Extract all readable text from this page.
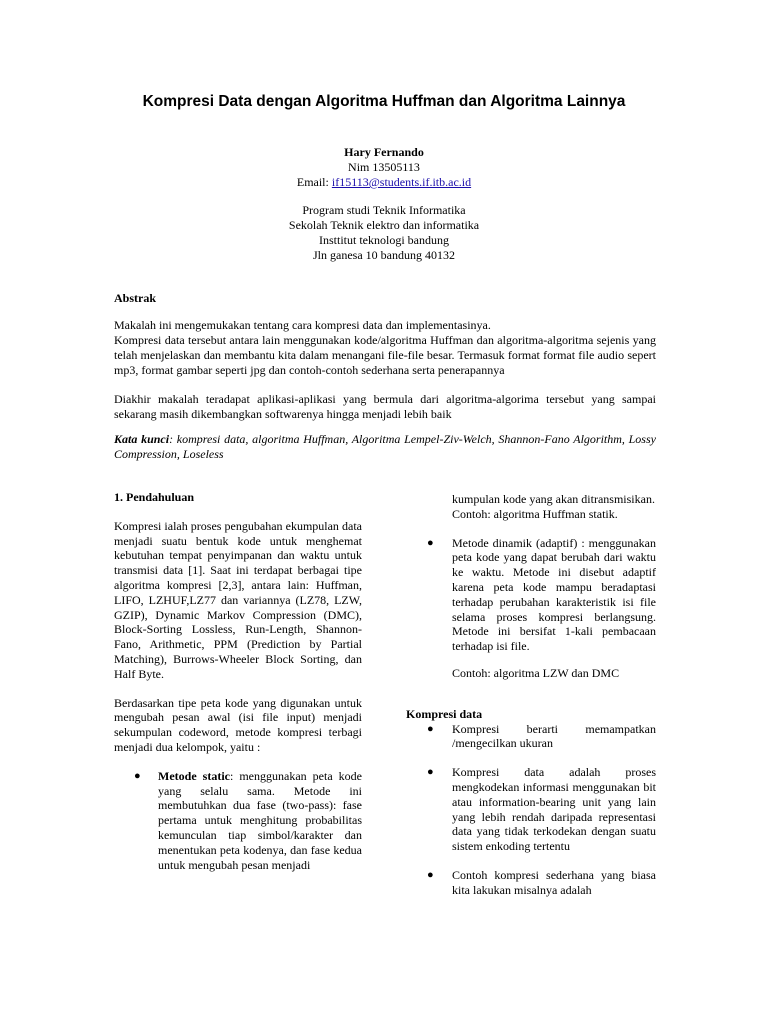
Kompresi Data dengan Algoritma Huffman dan Algoritma Lainnya
Hary Fernando
Nim 13505113
Email: if15113@students.if.itb.ac.id
Program studi Teknik Informatika
Sekolah Teknik elektro dan informatika
Insttitut teknologi bandung
Jln ganesa 10 bandung 40132
Abstrak

Makalah ini mengemukakan tentang cara kompresi data dan implementasinya.

Kompresi data tersebut antara lain menggunakan kode/algoritma Huffman dan algoritma-algoritma sejenis yang telah menjelaskan dan membantu kita dalam menangani file-file besar. Termasuk format format file audio sepert mp3, format gambar seperti jpg dan contoh-contoh sederhana serta penerapannya

Diakhir makalah teradapat aplikasi-aplikasi yang bermula dari algoritma-algorima tersebut yang sampai sekarang masih dikembangkan softwarenya hingga menjadi lebih baik

Kata kunci: kompresi data, algoritma Huffman, Algoritma Lempel-Ziv-Welch, Shannon-Fano Algorithm, Lossy Compression, Loseless

1. Pendahuluan

Kompresi ialah proses pengubahan ekumpulan data menjadi suatu bentuk kode untuk menghemat kebutuhan tempat penyimpanan dan waktu untuk transmisi data [1]. Saat ini terdapat berbagai tipe algoritma kompresi [2,3], antara lain: Huffman, LIFO, LZHUF,LZ77 dan variannya (LZ78, LZW, GZIP), Dynamic Markov Compression (DMC), Block-Sorting Lossless, Run-Length, Shannon-Fano, Arithmetic, PPM (Prediction by Partial Matching), Burrows-Wheeler Block Sorting, dan Half Byte.

Berdasarkan tipe peta kode yang digunakan untuk mengubah pesan awal (isi file input) menjadi sekumpulan codeword, metode kompresi terbagi menjadi dua kelompok, yaitu :

● Metode static: menggunakan peta kode yang selalu sama. Metode ini membutuhkan dua fase (two-pass): fase pertama untuk menghitung probabilitas kemunculan tiap simbol/karakter dan menentukan peta kodenya, dan fase kedua untuk mengubah pesan menjadi

kumpulan kode yang akan ditransmisikan.

Contoh: algoritma Huffman statik.

● Metode dinamik (adaptif) : menggunakan peta kode yang dapat berubah dari waktu ke waktu. Metode ini disebut adaptif karena peta kode mampu beradaptasi terhadap perubahan karakteristik isi file selama proses kompresi berlangsung. Metode ini bersifat 1-kali pembacaan terhadap isi file.

Contoh: algoritma LZW dan DMC

Kompresi data

● Kompresi berarti memampatkan /mengecilkan ukuran

● Kompresi data adalah proses mengkodekan informasi menggunakan bit atau information-bearing unit yang lain yang lebih rendah daripada representasi data yang tidak terkodekan dengan suatu sistem enkoding tertentu

● Contoh kompresi sederhana yang biasa kita lakukan misalnya adalah
